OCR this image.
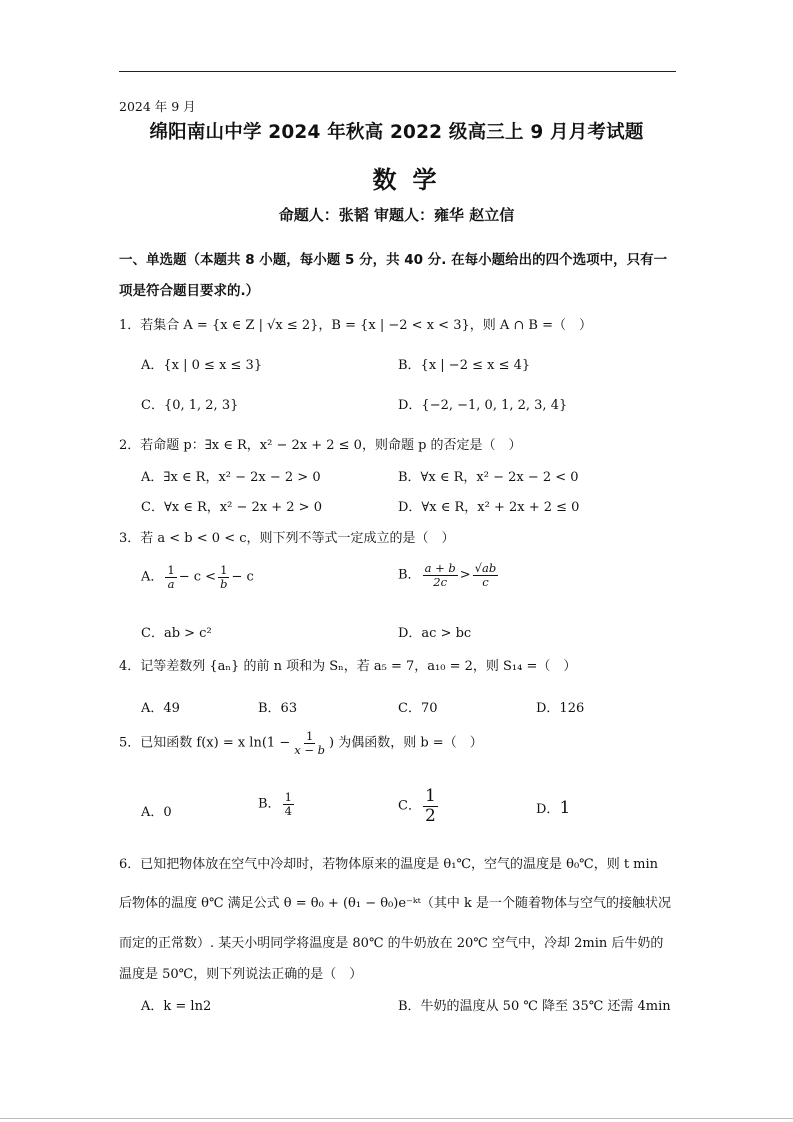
2024 年 9 月
绵阳南山中学 2024 年秋高 2022 级高三上 9 月月考试题
数学
命题人：张韬 审题人：雍华 赵立信
一、单选题（本题共 8 小题，每小题 5 分，共 40 分. 在每小题给出的四个选项中，只有一
项是符合题目要求的.）
1．若集合 A = {x ∈ Z | √x ≤ 2}，B = {x | −2 < x < 3}，则 A ∩ B =（　）
A．{x | 0 ≤ x ≤ 3}	B．{x | −2 ≤ x ≤ 4}
C．{0, 1, 2, 3}	D．{−2, −1, 0, 1, 2, 3, 4}
2．若命题 p：∃x ∈ R，x² − 2x + 2 ≤ 0，则命题 p 的否定是（　）
A．∃x ∈ R，x² − 2x − 2 > 0	B．∀x ∈ R，x² − 2x − 2 < 0
C．∀x ∈ R，x² − 2x + 2 > 0	D．∀x ∈ R，x² + 2x + 2 ≤ 0
3．若 a < b < 0 < c，则下列不等式一定成立的是（　）
A． $\frac{1}{a} - c < \frac{1}{b} - c$	B． $\frac{a + b}{2c} > \frac{√ab}{c}$
C．ab > c²	D．ac > bc
4．记等差数列 {aₙ} 的前 n 项和为 Sₙ，若 a₅ = 7，a₁₀ = 2，则 S₁₄ =（　）
A．49	B．63	C．70	D．126
5．已知函数 f(x) = x $\ln(1 - \frac{1}{x - b}$ ) 为偶函数，则 b =（　）
A．0
B． $\frac{1}{4}$	C． $\frac{1}{2}$	D．1
6．已知把物体放在空气中冷却时，若物体原来的温度是 θ₁℃，空气的温度是 θ₀℃，则 t min
后物体的温度 θ℃ 满足公式 θ = θ₀ + (θ₁ − θ₀)e⁻ᵏᵗ（其中 k 是一个随着物体与空气的接触状况
而定的正常数）. 某天小明同学将温度是 80℃ 的牛奶放在 20℃ 空气中，冷却 2min 后牛奶的
温度是 50℃，则下列说法正确的是（　）
A．k = ln2	B．牛奶的温度从 50 ℃ 降至 35℃ 还需 4min
